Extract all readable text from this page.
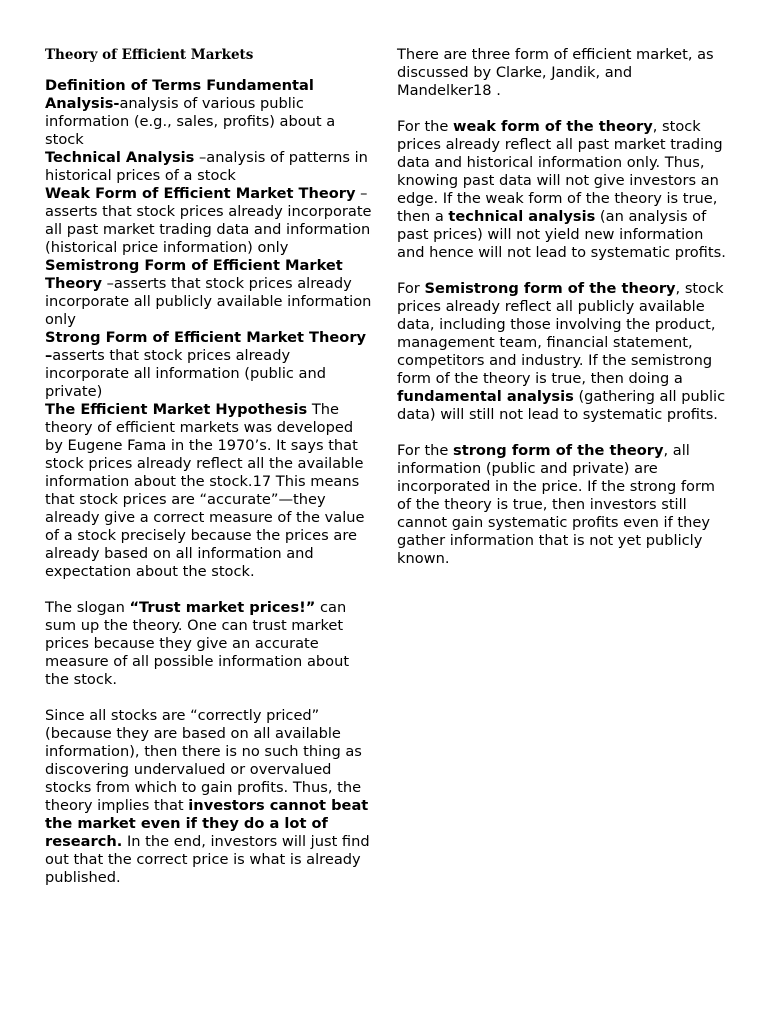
Theory of Efficient Markets

Definition of Terms Fundamental Analysis-analysis of various public information (e.g., sales, profits) about a stock
Technical Analysis –analysis of patterns in historical prices of a stock
Weak Form of Efficient Market Theory –asserts that stock prices already incorporate all past market trading data and information (historical price information) only Semistrong Form of Efficient Market Theory –asserts that stock prices already incorporate all publicly available information only
Strong Form of Efficient Market Theory –asserts that stock prices already incorporate all information (public and private)
The Efficient Market Hypothesis The theory of efficient markets was developed by Eugene Fama in the 1970’s. It says that stock prices already reflect all the available information about the stock.17 This means that stock prices are “accurate”—they already give a correct measure of the value of a stock precisely because the prices are already based on all information and expectation about the stock.

The slogan “Trust market prices!” can sum up the theory. One can trust market prices because they give an accurate measure of all possible information about the stock.

Since all stocks are “correctly priced” (because they are based on all available information), then there is no such thing as discovering undervalued or overvalued stocks from which to gain profits. Thus, the theory implies that investors cannot beat the market even if they do a lot of research. In the end, investors will just find out that the correct price is what is already published.

There are three form of efficient market, as discussed by Clarke, Jandik, and Mandelker18 .

For the weak form of the theory, stock prices already reflect all past market trading data and historical information only. Thus, knowing past data will not give investors an edge. If the weak form of the theory is true, then a technical analysis (an analysis of past prices) will not yield new information and hence will not lead to systematic profits.

For Semistrong form of the theory, stock prices already reflect all publicly available data, including those involving the product, management team, financial statement, competitors and industry. If the semistrong form of the theory is true, then doing a fundamental analysis (gathering all public data) will still not lead to systematic profits.

For the strong form of the theory, all information (public and private) are incorporated in the price. If the strong form of the theory is true, then investors still cannot gain systematic profits even if they gather information that is not yet publicly known.
